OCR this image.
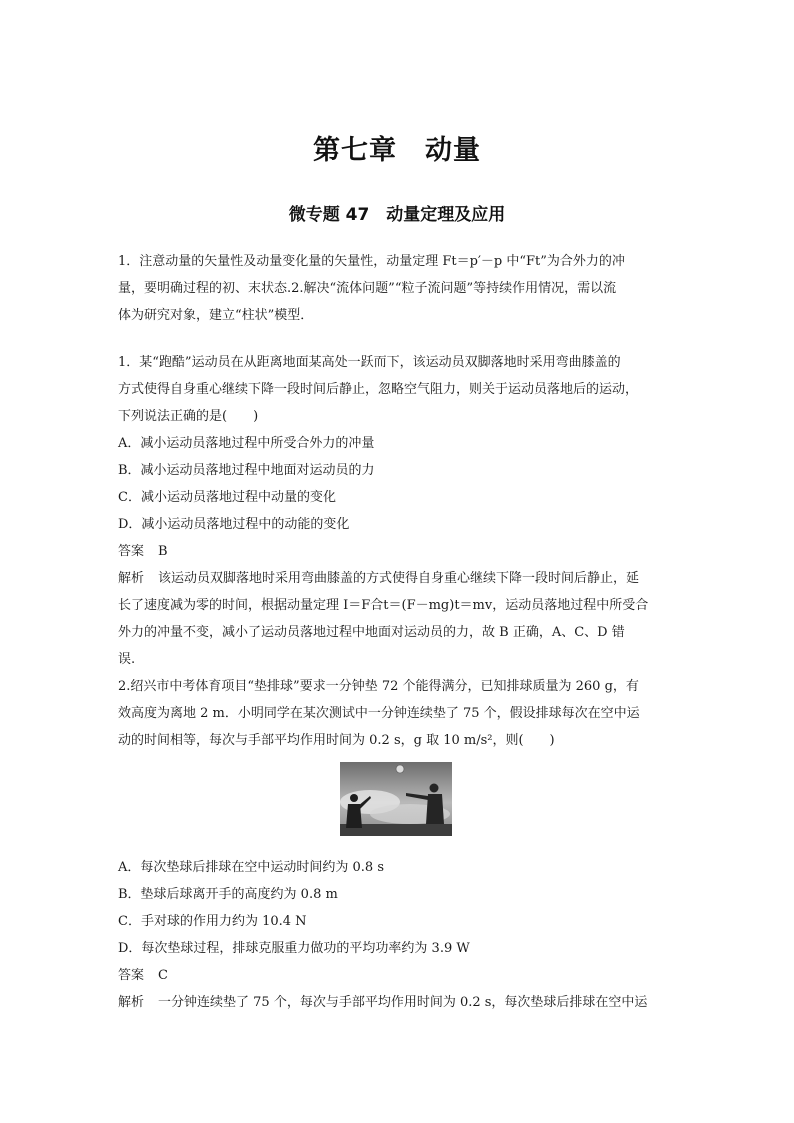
第七章　动量
微专题 47　动量定理及应用

1．注意动量的矢量性及动量变化量的矢量性，动量定理 Ft＝p′－p 中“Ft”为合外力的冲

量，要明确过程的初、末状态.2.解决“流体问题”“粒子流问题”等持续作用情况，需以流

体为研究对象，建立“柱状”模型．

1．某“跑酷”运动员在从距离地面某高处一跃而下，该运动员双脚落地时采用弯曲膝盖的

方式使得自身重心继续下降一段时间后静止，忽略空气阻力，则关于运动员落地后的运动，

下列说法正确的是(　　)

A．减小运动员落地过程中所受合外力的冲量

B．减小运动员落地过程中地面对运动员的力

C．减小运动员落地过程中动量的变化

D．减小运动员落地过程中的动能的变化

答案 B

解析 该运动员双脚落地时采用弯曲膝盖的方式使得自身重心继续下降一段时间后静止，延

长了速度减为零的时间，根据动量定理 I＝F合t＝(F－mg)t＝mv，运动员落地过程中所受合

外力的冲量不变，减小了运动员落地过程中地面对运动员的力，故 B 正确，A、C、D 错

误.

2.绍兴市中考体育项目“垫排球”要求一分钟垫 72 个能得满分，已知排球质量为 260 g，有

效高度为离地 2 m．小明同学在某次测试中一分钟连续垫了 75 个，假设排球每次在空中运

动的时间相等，每次与手部平均作用时间为 0.2 s，g 取 10 m/s²，则(　　)

A．每次垫球后排球在空中运动时间约为 0.8 s

B．垫球后球离开手的高度约为 0.8 m

C．手对球的作用力约为 10.4 N

D．每次垫球过程，排球克服重力做功的平均功率约为 3.9 W

答案 C

解析 一分钟连续垫了 75 个，每次与手部平均作用时间为 0.2 s，每次垫球后排球在空中运
